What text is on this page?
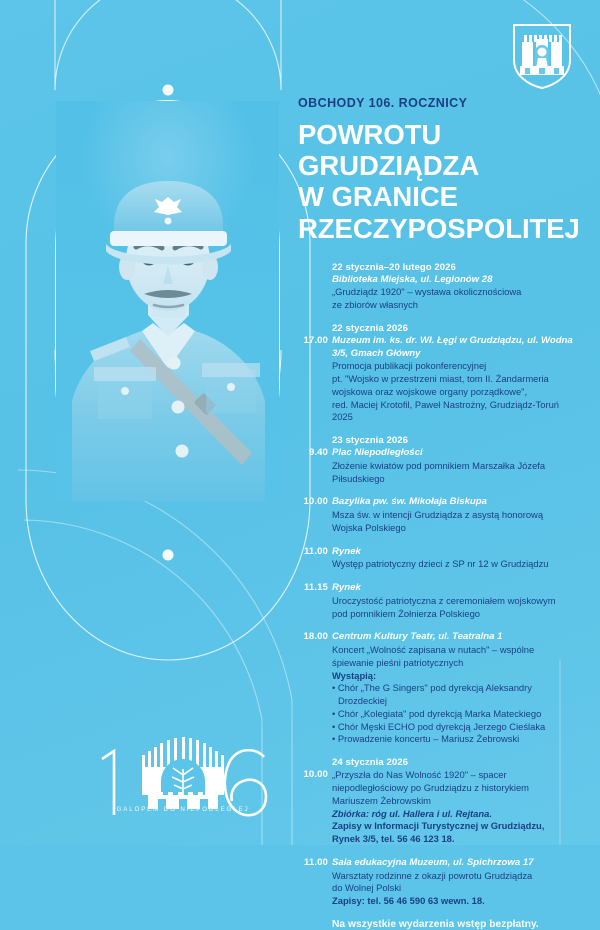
OBCHODY 106. ROCZNICY
POWROTU
GRUDZIĄDZA
W GRANICE
RZECZYPOSPOLITEJ
22 stycznia–20 lutego 2026
Biblioteka Miejska, ul. Legionów 28
„Grudziądz 1920" – wystawa okolicznościowa
ze zbiorów własnych
22 stycznia 2026
17.00 Muzeum im. ks. dr. Wł. Łęgi w Grudziądzu, ul. Wodna 3/5, Gmach Główny
Promocja publikacji pokonferencyjnej
pt. "Wojsko w przestrzeni miast, tom II. Żandarmeria
wojskowa oraz wojskowe organy porządkowe",
red. Maciej Krotofil, Paweł Nastrożny, Grudziądz-Toruń
2025
23 stycznia 2026
9.40 Plac Niepodległości
Złożenie kwiatów pod pomnikiem Marszałka Józefa
Piłsudskiego
10.00 Bazylika pw. św. Mikołaja Biskupa
Msza św. w intencji Grudziądza z asystą honorową
Wojska Polskiego
11.00 Rynek
Występ patriotyczny dzieci z SP nr 12 w Grudziądzu
11.15 Rynek
Uroczystość patriotyczna z ceremoniałem wojskowym
pod pomnikiem Żołnierza Polskiego
18.00 Centrum Kultury Teatr, ul. Teatralna 1
Koncert „Wolność zapisana w nutach" – wspólne
śpiewanie pieśni patriotycznych
Wystąpią:
• Chór „The G Singers" pod dyrekcją Aleksandry
Drozdeckiej
• Chór „Kolegiata" pod dyrekcją Marka Mateckiego
• Chór Męski ECHO pod dyrekcją Jerzego Cieślaka
• Prowadzenie koncertu – Mariusz Żebrowski
24 stycznia 2026
10.00 „Przyszła do Nas Wolność 1920" – spacer
niepodległościowy po Grudziądzu z historykiem
Mariuszem Żebrowskim
Zbiórka: róg ul. Hallera i ul. Rejtana.
Zapisy w Informacji Turystycznej w Grudziądzu,
Rynek 3/5, tel. 56 46 123 18.
11.00 Sala edukacyjna Muzeum, ul. Spichrzowa 17
Warsztaty rodzinne z okazji powrotu Grudziądza
do Wolnej Polski
Zapisy: tel. 56 46 590 63 wewn. 18.
Na wszystkie wydarzenia wstęp bezpłatny.
GALOPEM DO NIEPODLEGŁEJ
